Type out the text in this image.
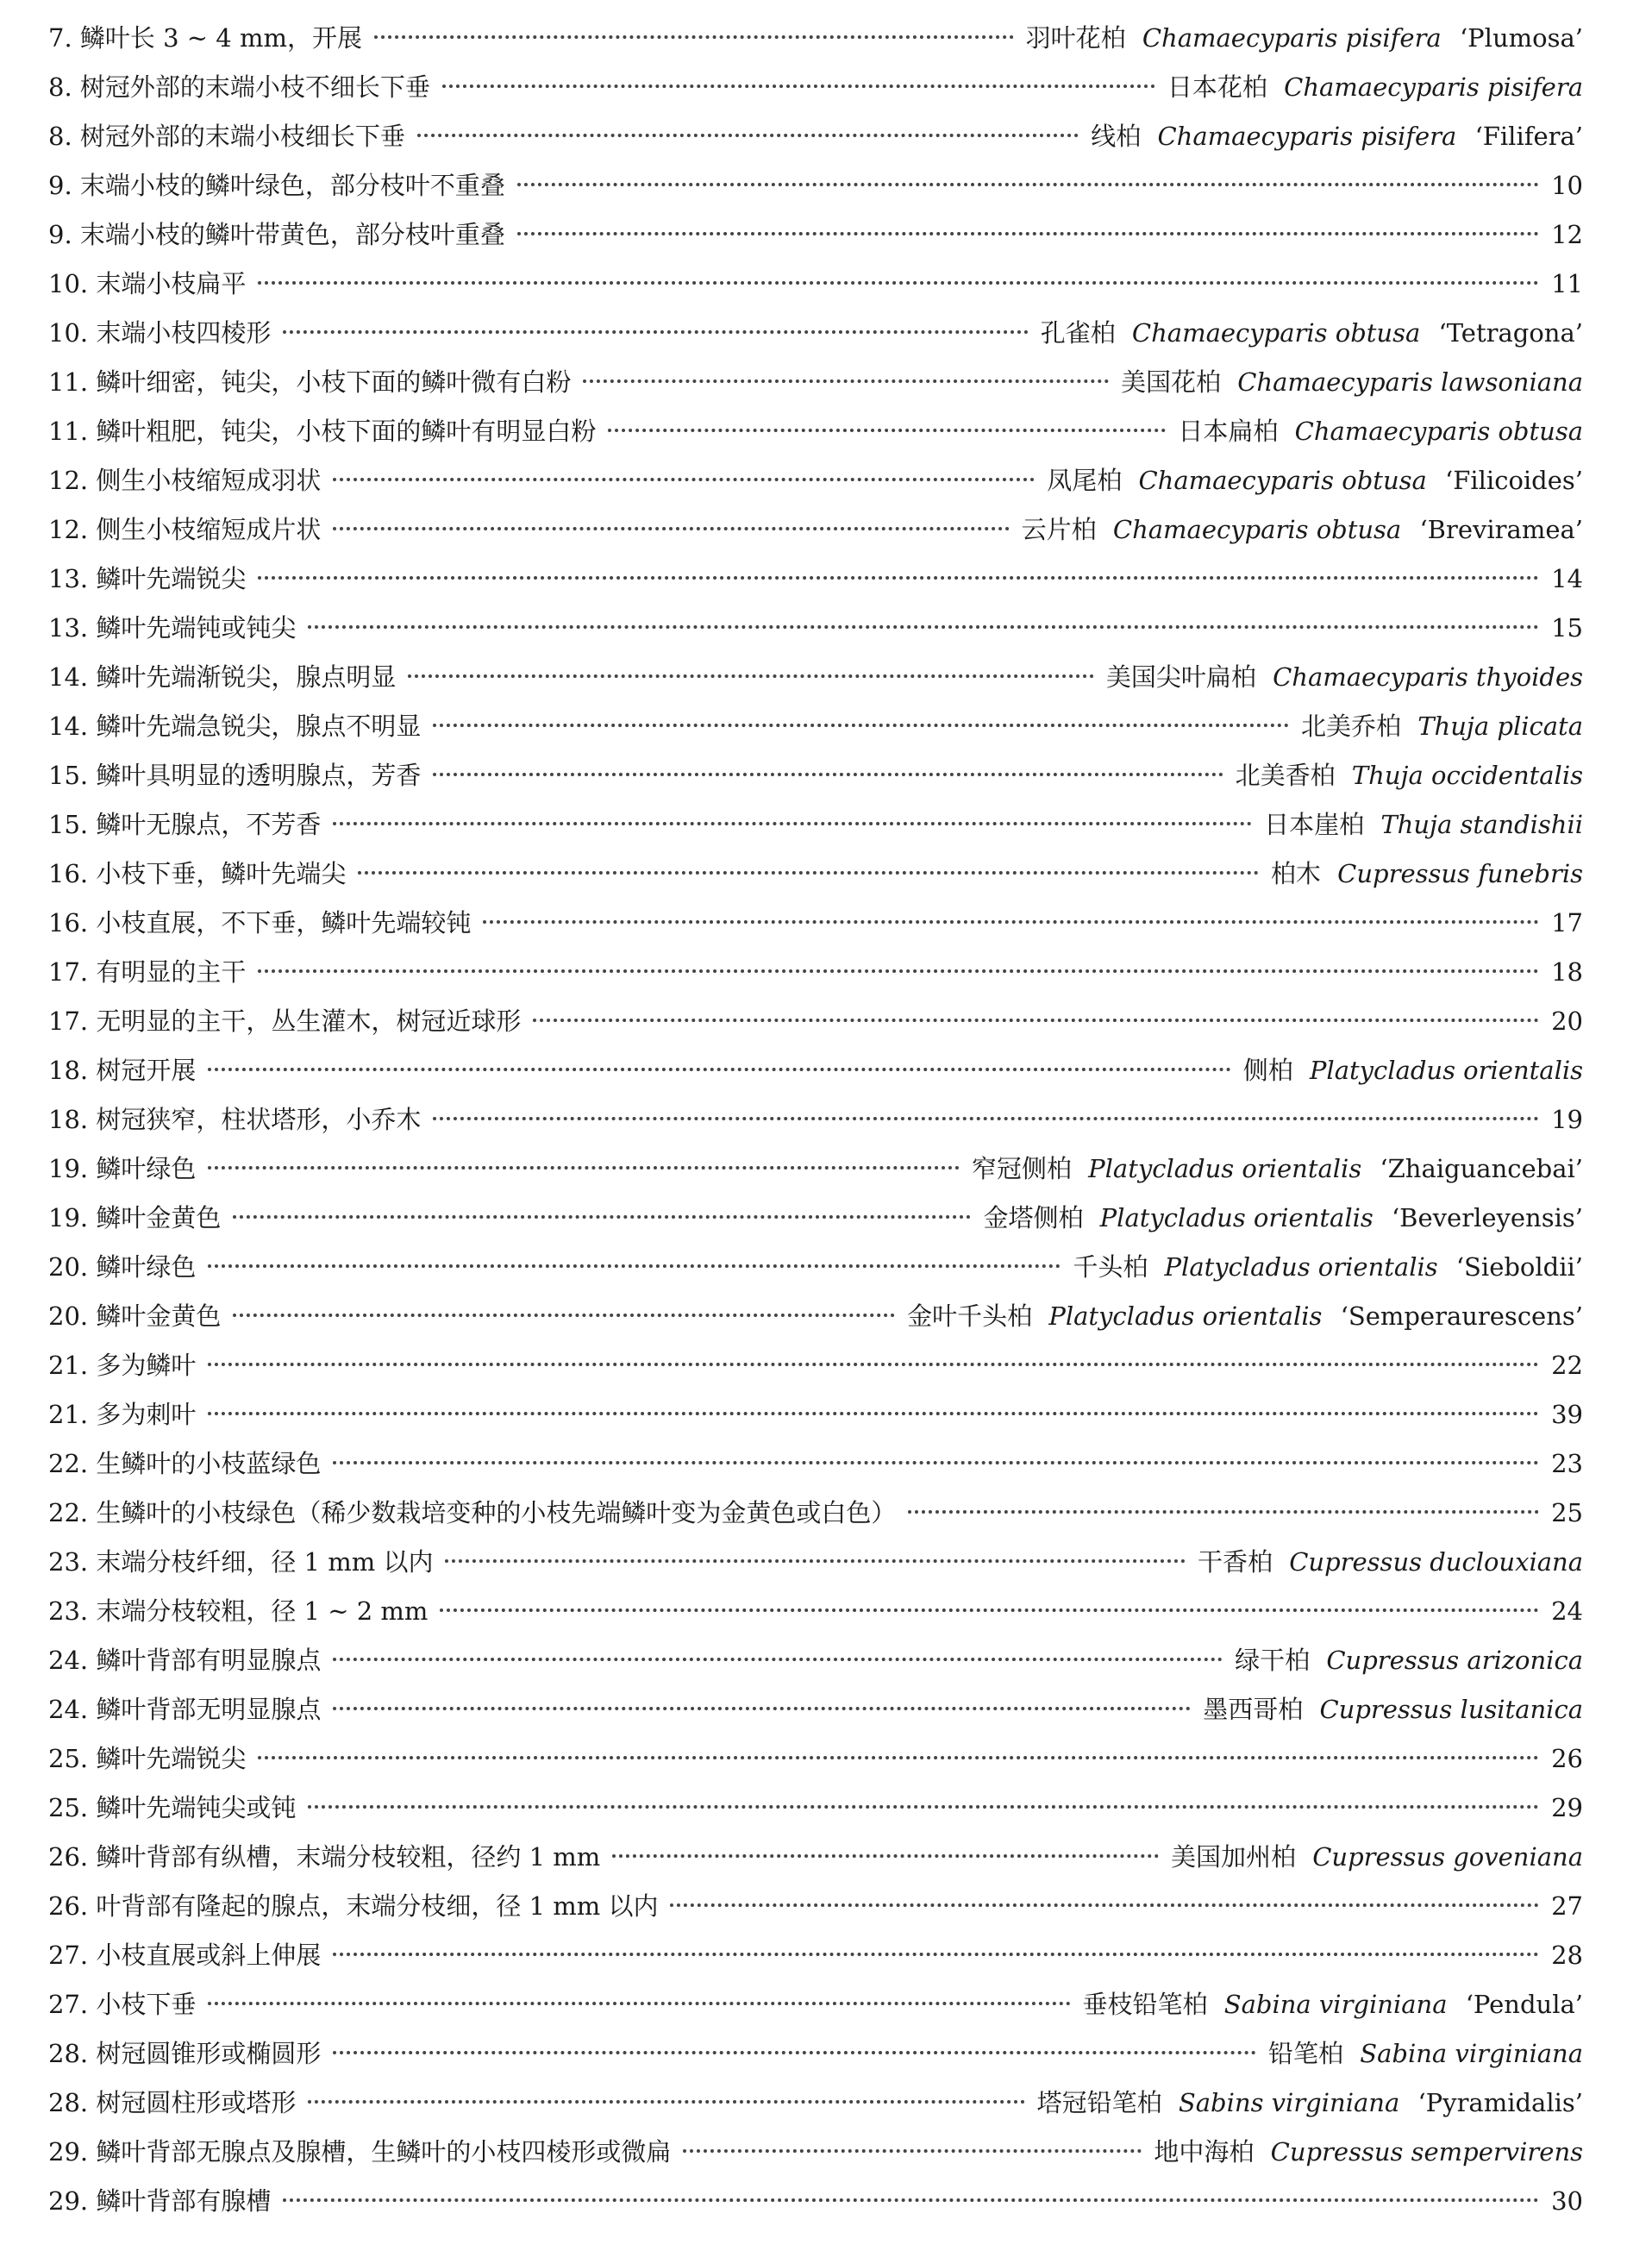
7. 鳞叶长 3 ~ 4 mm，开展	羽叶花柏 Chamaecyparis pisifera ‘Plumosa’
8. 树冠外部的末端小枝不细长下垂	日本花柏 Chamaecyparis pisifera
8. 树冠外部的末端小枝细长下垂	线柏 Chamaecyparis pisifera ‘Filifera’
9. 末端小枝的鳞叶绿色，部分枝叶不重叠	10
9. 末端小枝的鳞叶带黄色，部分枝叶重叠	12
10. 末端小枝扁平	11
10. 末端小枝四棱形	孔雀柏 Chamaecyparis obtusa ‘Tetragona’
11. 鳞叶细密，钝尖，小枝下面的鳞叶微有白粉	美国花柏 Chamaecyparis lawsoniana
11. 鳞叶粗肥，钝尖，小枝下面的鳞叶有明显白粉	日本扁柏 Chamaecyparis obtusa
12. 侧生小枝缩短成羽状	凤尾柏 Chamaecyparis obtusa ‘Filicoides’
12. 侧生小枝缩短成片状	云片柏 Chamaecyparis obtusa ‘Breviramea’
13. 鳞叶先端锐尖	14
13. 鳞叶先端钝或钝尖	15
14. 鳞叶先端渐锐尖，腺点明显	美国尖叶扁柏 Chamaecyparis thyoides
14. 鳞叶先端急锐尖，腺点不明显	北美乔柏 Thuja plicata
15. 鳞叶具明显的透明腺点，芳香	北美香柏 Thuja occidentalis
15. 鳞叶无腺点，不芳香	日本崖柏 Thuja standishii
16. 小枝下垂，鳞叶先端尖	柏木 Cupressus funebris
16. 小枝直展，不下垂，鳞叶先端较钝	17
17. 有明显的主干	18
17. 无明显的主干，丛生灌木，树冠近球形	20
18. 树冠开展	侧柏 Platycladus orientalis
18. 树冠狭窄，柱状塔形，小乔木	19
19. 鳞叶绿色	窄冠侧柏 Platycladus orientalis ‘Zhaiguancebai’
19. 鳞叶金黄色	金塔侧柏 Platycladus orientalis ‘Beverleyensis’
20. 鳞叶绿色	千头柏 Platycladus orientalis ‘Sieboldii’
20. 鳞叶金黄色	金叶千头柏 Platycladus orientalis ‘Semperaurescens’
21. 多为鳞叶	22
21. 多为刺叶	39
22. 生鳞叶的小枝蓝绿色	23
22. 生鳞叶的小枝绿色（稀少数栽培变种的小枝先端鳞叶变为金黄色或白色）	25
23. 末端分枝纤细，径 1 mm 以内	干香柏 Cupressus duclouxiana
23. 末端分枝较粗，径 1 ~ 2 mm	24
24. 鳞叶背部有明显腺点	绿干柏 Cupressus arizonica
24. 鳞叶背部无明显腺点	墨西哥柏 Cupressus lusitanica
25. 鳞叶先端锐尖	26
25. 鳞叶先端钝尖或钝	29
26. 鳞叶背部有纵槽，末端分枝较粗，径约 1 mm	美国加州柏 Cupressus goveniana
26. 叶背部有隆起的腺点，末端分枝细，径 1 mm 以内	27
27. 小枝直展或斜上伸展	28
27. 小枝下垂	垂枝铅笔柏 Sabina virginiana ‘Pendula’
28. 树冠圆锥形或椭圆形	铅笔柏 Sabina virginiana
28. 树冠圆柱形或塔形	塔冠铅笔柏 Sabins virginiana ‘Pyramidalis’
29. 鳞叶背部无腺点及腺槽，生鳞叶的小枝四棱形或微扁	地中海柏 Cupressus sempervirens
29. 鳞叶背部有腺槽	30
